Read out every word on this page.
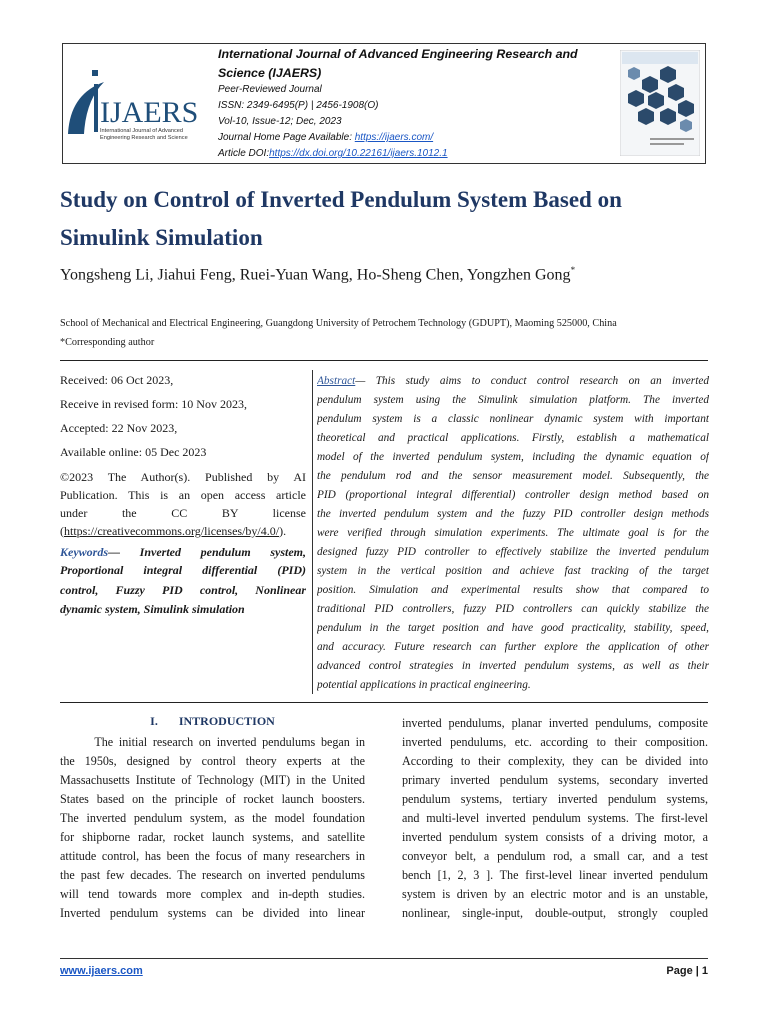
IJAERS
International Journal of Advanced
Engineering Research and Science
International Journal of Advanced Engineering Research and Science (IJAERS)
Peer-Reviewed Journal
ISSN: 2349-6495(P) | 2456-1908(O)
Vol-10, Issue-12; Dec, 2023
Journal Home Page Available: https://ijaers.com/
Article DOI:https://dx.doi.org/10.22161/ijaers.1012.1
Study on Control of Inverted Pendulum System Based on
Simulink Simulation
Yongsheng Li, Jiahui Feng, Ruei-Yuan Wang, Ho-Sheng Chen, Yongzhen Gong*
School of Mechanical and Electrical Engineering, Guangdong University of Petrochem Technology (GDUPT), Maoming 525000, China
*Corresponding author
Received: 06 Oct 2023,
Receive in revised form: 10 Nov 2023,
Accepted: 22 Nov 2023,
Available online: 05 Dec 2023
©2023 The Author(s). Published by AI
Publication. This is an open access article
under the CC BY license
(https://creativecommons.org/licenses/by/4.0/).
Keywords— Inverted pendulum system,
Proportional integral differential (PID)
control, Fuzzy PID control, Nonlinear
dynamic system, Simulink simulation
Abstract— This study aims to conduct control research on an inverted
pendulum system using the Simulink simulation platform. The inverted
pendulum system is a classic nonlinear dynamic system with important
theoretical and practical applications. Firstly, establish a mathematical
model of the inverted pendulum system, including the dynamic equation of
the pendulum rod and the sensor measurement model. Subsequently, the
PID (proportional integral differential) controller design method based on
the inverted pendulum system and the fuzzy PID controller design methods
were verified through simulation experiments. The ultimate goal is for the
designed fuzzy PID controller to effectively stabilize the inverted pendulum
system in the vertical position and achieve fast tracking of the target
position. Simulation and experimental results show that compared to
traditional PID controllers, fuzzy PID controllers can quickly stabilize the
pendulum in the target position and have good practicality, stability, speed,
and accuracy. Future research can further explore the application of other
advanced control strategies in inverted pendulum systems, as well as their
potential applications in practical engineering.
I.       INTRODUCTION
The initial research on inverted pendulums began in
the 1950s, designed by control theory experts at the
Massachusetts Institute of Technology (MIT) in the United
States based on the principle of rocket launch boosters.
The inverted pendulum system, as the model foundation
for shipborne radar, rocket launch systems, and satellite
attitude control, has been the focus of many researchers in
the past few decades. The research on inverted pendulums
will tend towards more complex and in-depth studies.
Inverted pendulum systems can be divided into linear
inverted pendulums, planar inverted pendulums, composite
inverted pendulums, etc. according to their composition.
According to their complexity, they can be divided into
primary inverted pendulum systems, secondary inverted
pendulum systems, tertiary inverted pendulum systems,
and multi-level inverted pendulum systems. The first-level
inverted pendulum system consists of a driving motor, a
conveyor belt, a pendulum rod, a small car, and a test
bench [1, 2, 3 ]. The first-level linear inverted pendulum
system is driven by an electric motor and is an unstable,
nonlinear, single-input, double-output, strongly coupled
www.ijaers.com	Page | 1
